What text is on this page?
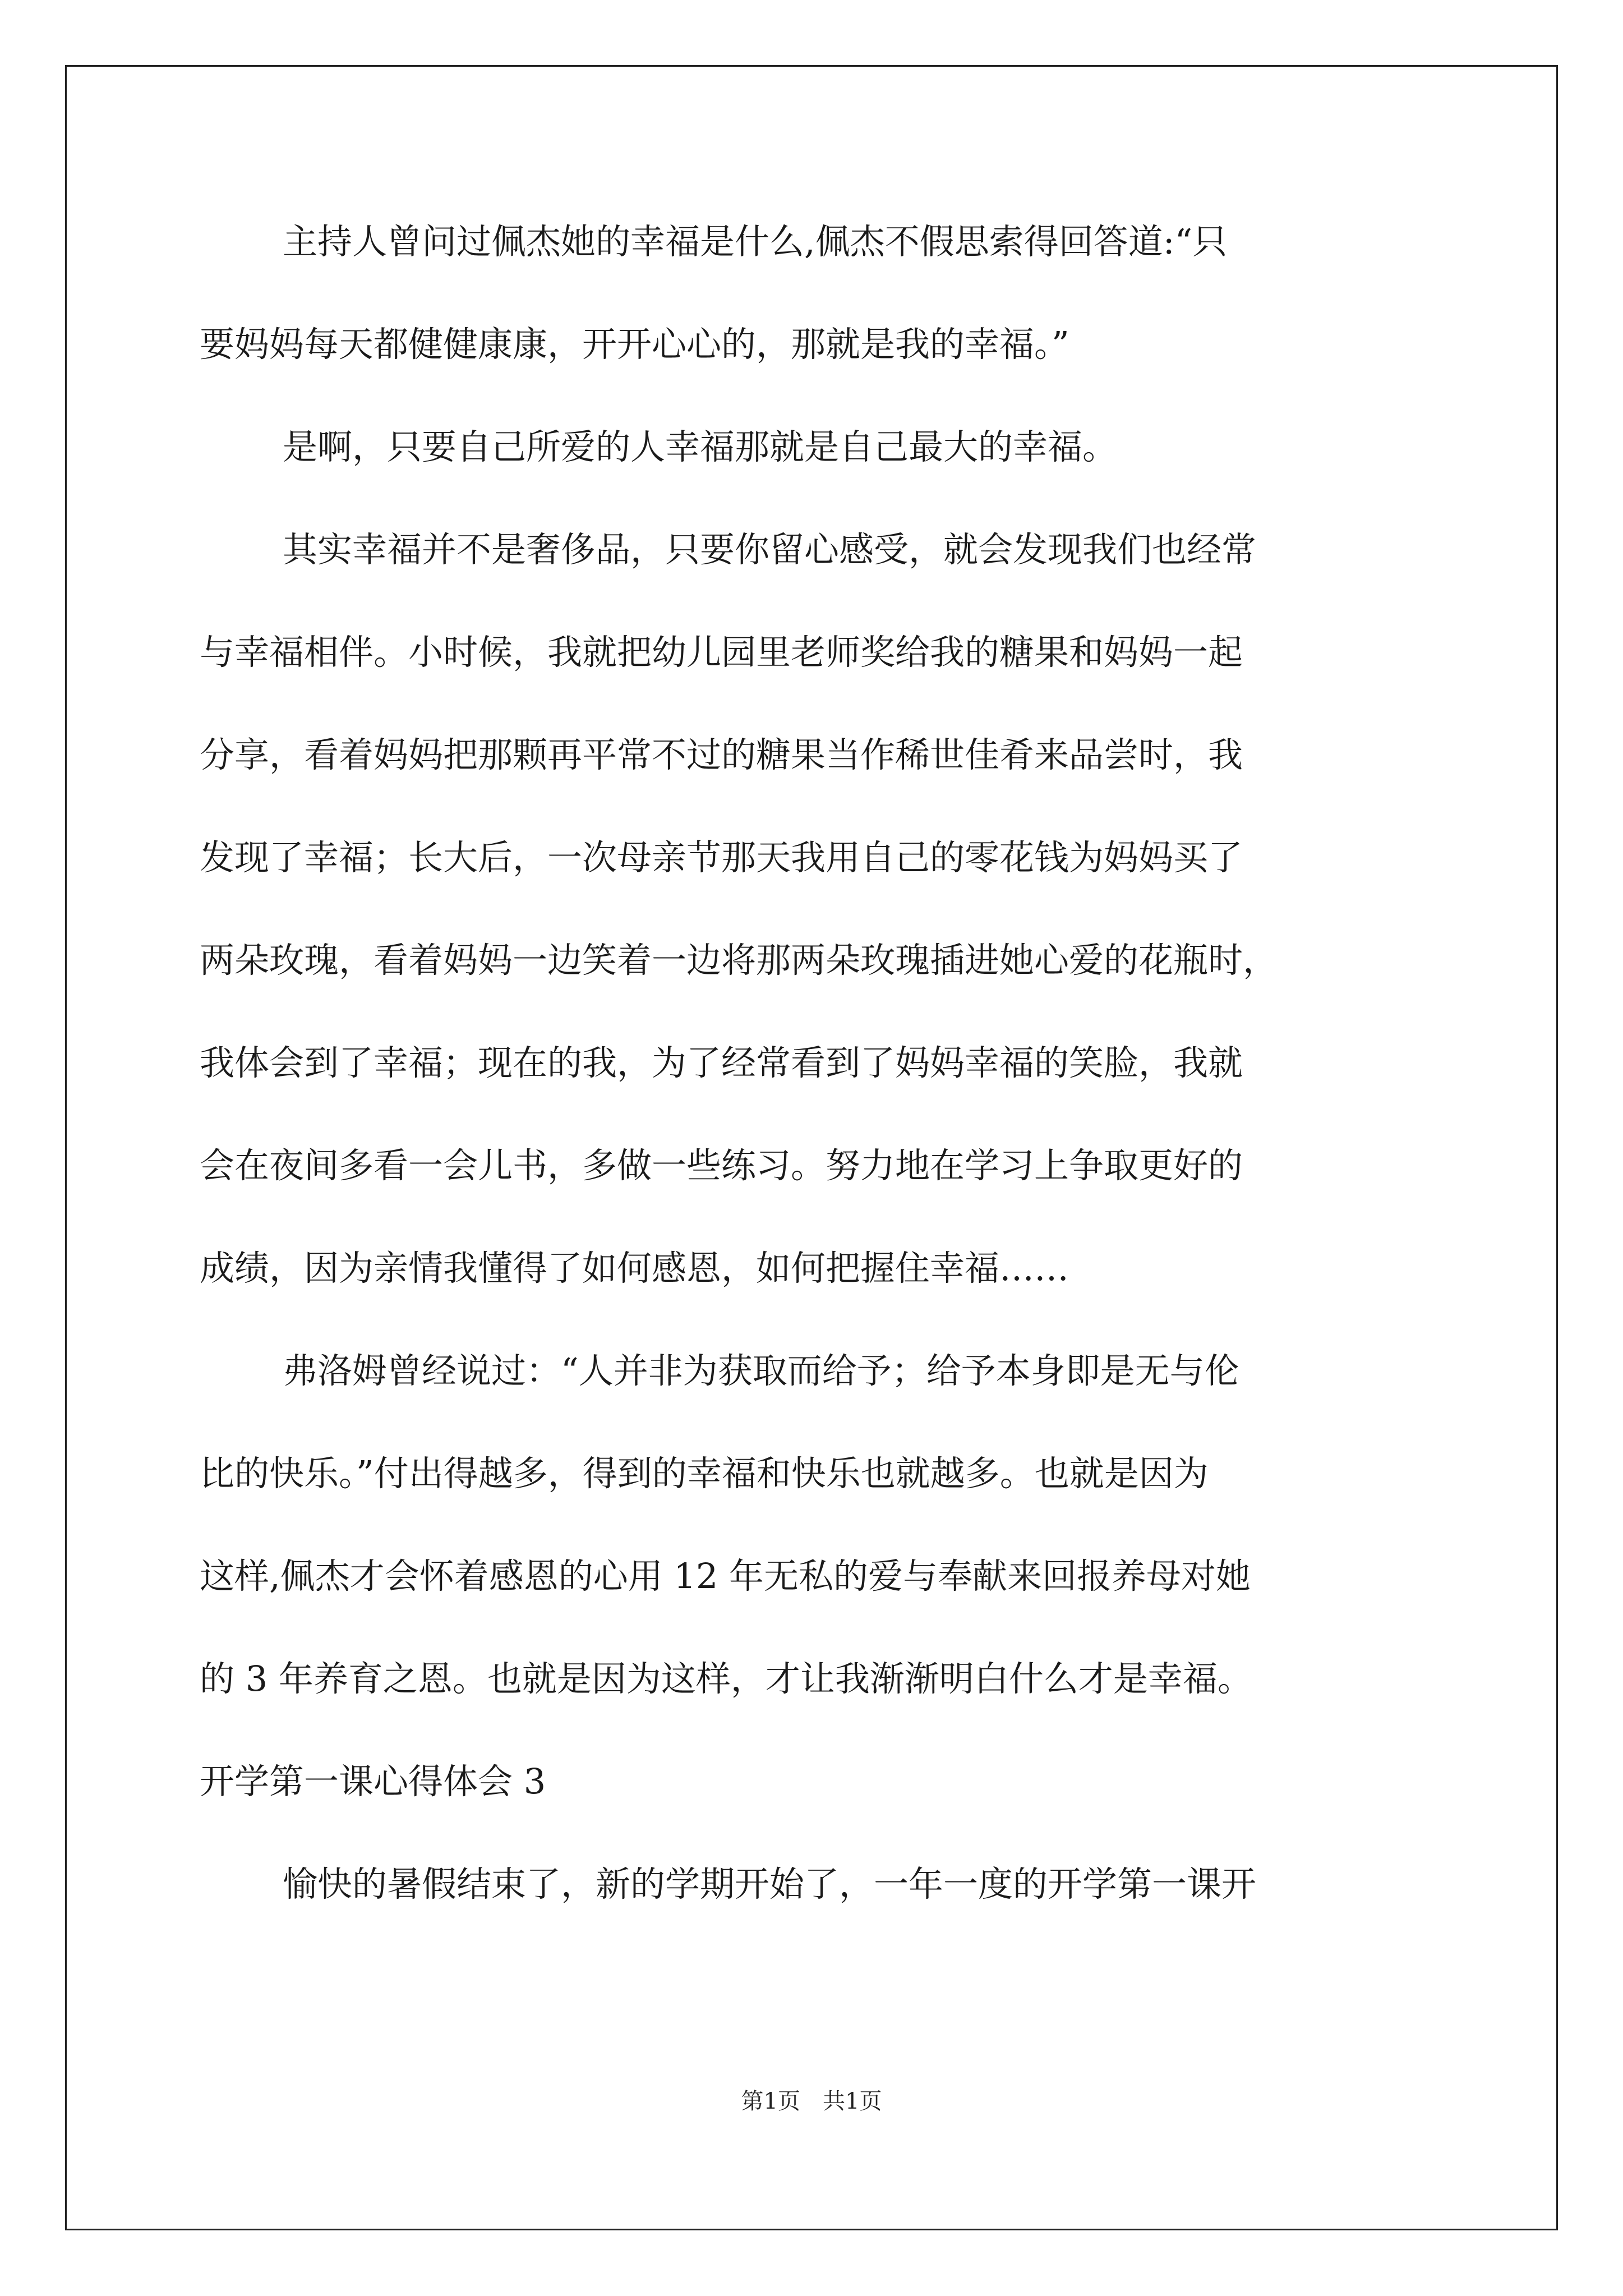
主持人曾问过佩杰她的幸福是什么,佩杰不假思索得回答道:“只
要妈妈每天都健健康康，开开心心的，那就是我的幸福。”
是啊，只要自己所爱的人幸福那就是自己最大的幸福。
其实幸福并不是奢侈品，只要你留心感受，就会发现我们也经常
与幸福相伴。小时候，我就把幼儿园里老师奖给我的糖果和妈妈一起
分享，看着妈妈把那颗再平常不过的糖果当作稀世佳肴来品尝时，我
发现了幸福；长大后，一次母亲节那天我用自己的零花钱为妈妈买了
两朵玫瑰，看着妈妈一边笑着一边将那两朵玫瑰插进她心爱的花瓶时，
我体会到了幸福；现在的我，为了经常看到了妈妈幸福的笑脸，我就
会在夜间多看一会儿书，多做一些练习。努力地在学习上争取更好的
成绩，因为亲情我懂得了如何感恩，如何把握住幸福……
弗洛姆曾经说过：“人并非为获取而给予；给予本身即是无与伦
比的快乐。”付出得越多，得到的幸福和快乐也就越多。也就是因为
这样,佩杰才会怀着感恩的心用 12 年无私的爱与奉献来回报养母对她
的 3 年养育之恩。也就是因为这样，才让我渐渐明白什么才是幸福。
开学第一课心得体会 3
愉快的暑假结束了，新的学期开始了，一年一度的开学第一课开
第1页　共1页
